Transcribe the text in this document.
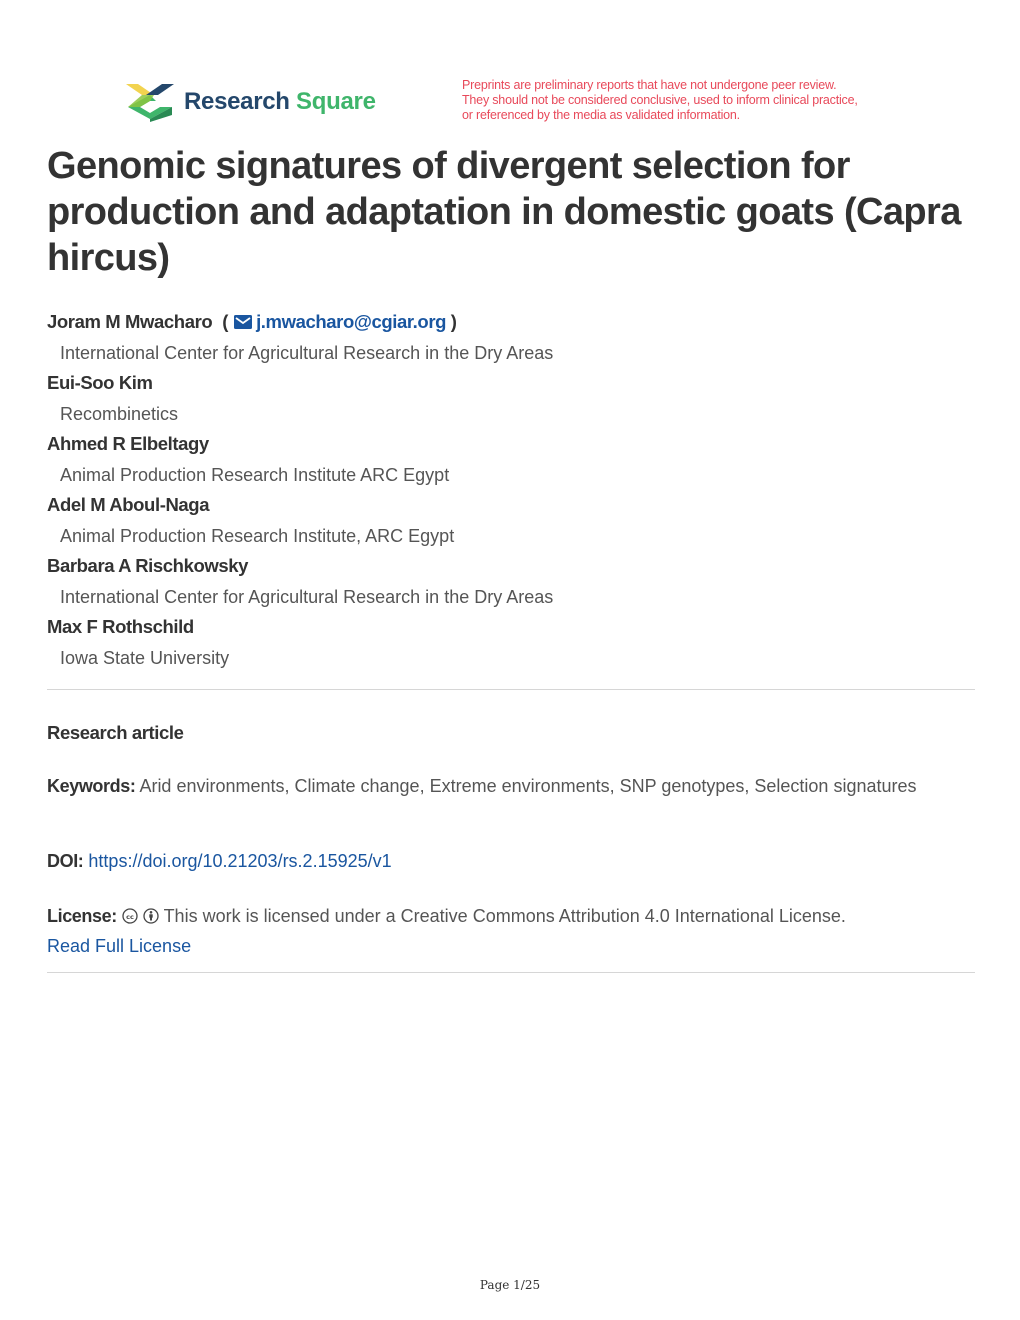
Research Square
Preprints are preliminary reports that have not undergone peer review.
They should not be considered conclusive, used to inform clinical practice,
or referenced by the media as validated information.
Genomic signatures of divergent selection for production and adaptation in domestic goats (Capra hircus)
Joram M Mwacharo ( j.mwacharo@cgiar.org )
International Center for Agricultural Research in the Dry Areas
Eui-Soo Kim
Recombinetics
Ahmed R Elbeltagy
Animal Production Research Institute ARC Egypt
Adel M Aboul-Naga
Animal Production Research Institute, ARC Egypt
Barbara A Rischkowsky
International Center for Agricultural Research in the Dry Areas
Max F Rothschild
Iowa State University
Research article
Keywords: Arid environments, Climate change, Extreme environments, SNP genotypes, Selection signatures
DOI: https://doi.org/10.21203/rs.2.15925/v1
License: cc This work is licensed under a Creative Commons Attribution 4.0 International License.
Read Full License
Page 1/25
